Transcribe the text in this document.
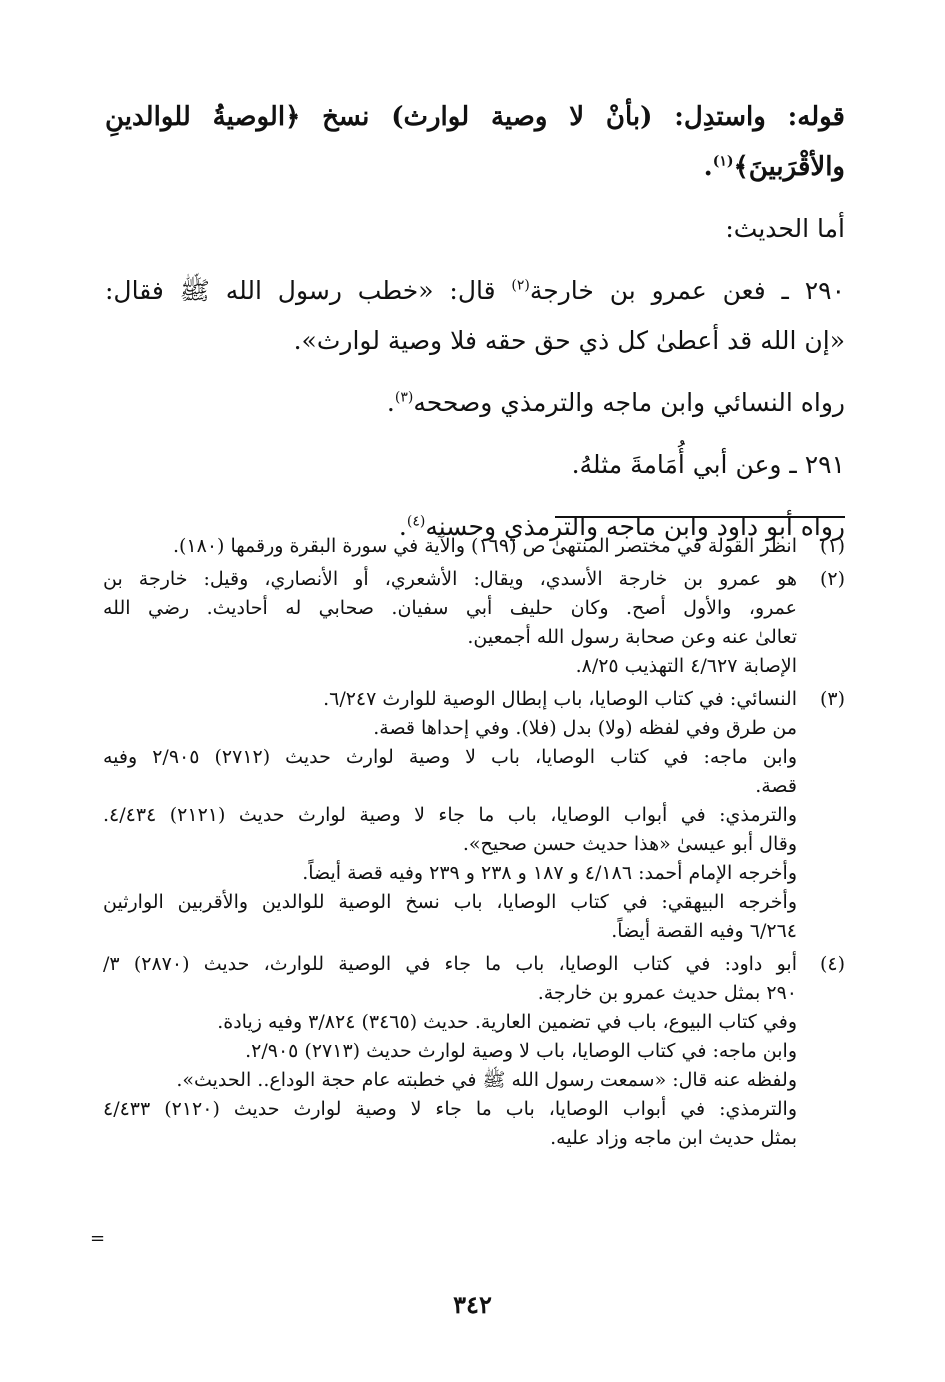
قوله: واستدِل: (بأنْ لا وصية لوارث) نسخ ﴿الوصيةُ للوالدينِ
والأقْرَبينَ﴾$^{(١)}$.
أما الحديث:
٢٩٠ ـ فعن عمرو بن خارجة$^{(٢)}$ قال: «خطب رسول الله ﷺ فقال:
«إن الله قد أعطىٰ كل ذي حق حقه فلا وصية لوارث».
رواه النسائي وابن ماجه والترمذي وصححه$^{(٣)}$.
٢٩١ ـ وعن أبي أُمَامةَ مثلهُ.
رواه أبو داود وابن ماجه والترمذي وحسنه$^{(٤)}$.
(١)
انظر القولة في مختصر المنتهىٰ ص (١٦٩) والآية في سورة البقرة ورقمها (١٨٠).
(٢)
هو عمرو بن خارجة الأسدي، ويقال: الأشعري، أو الأنصاري، وقيل: خارجة بن
عمرو، والأول أصح. وكان حليف أبي سفيان. صحابي له أحاديث. رضي الله
تعالىٰ عنه وعن صحابة رسول الله أجمعين.
الإصابة ٤/٦٢٧ التهذيب ٨/٢٥.
(٣)
النسائي: في كتاب الوصايا، باب إبطال الوصية للوارث ٦/٢٤٧.
من طرق وفي لفظه (ولا) بدل (فلا). وفي إحداها قصة.
وابن ماجه: في كتاب الوصايا، باب لا وصية لوارث حديث (٢٧١٢) ٢/٩٠٥ وفيه
قصة.
والترمذي: في أبواب الوصايا، باب ما جاء لا وصية لوارث حديث (٢١٢١) ٤/٤٣٤.
وقال أبو عيسىٰ «هذا حديث حسن صحيح».
وأخرجه الإمام أحمد: ٤/١٨٦ و ١٨٧ و ٢٣٨ و ٢٣٩ وفيه قصة أيضاً.
وأخرجه البيهقي: في كتاب الوصايا، باب نسخ الوصية للوالدين والأقربين الوارثين
٦/٢٦٤ وفيه القصة أيضاً.
(٤)
أبو داود: في كتاب الوصايا، باب ما جاء في الوصية للوارث، حديث (٢٨٧٠) ٣/
٢٩٠ بمثل حديث عمرو بن خارجة.
وفي كتاب البيوع، باب في تضمين العارية. حديث (٣٤٦٥) ٣/٨٢٤ وفيه زيادة.
وابن ماجه: في كتاب الوصايا، باب لا وصية لوارث حديث (٢٧١٣) ٢/٩٠٥.
ولفظه عنه قال: «سمعت رسول الله ﷺ في خطبته عام حجة الوداع.. الحديث».
والترمذي: في أبواب الوصايا، باب ما جاء لا وصية لوارث حديث (٢١٢٠) ٤/٤٣٣
بمثل حديث ابن ماجه وزاد عليه.
=
٣٤٢
